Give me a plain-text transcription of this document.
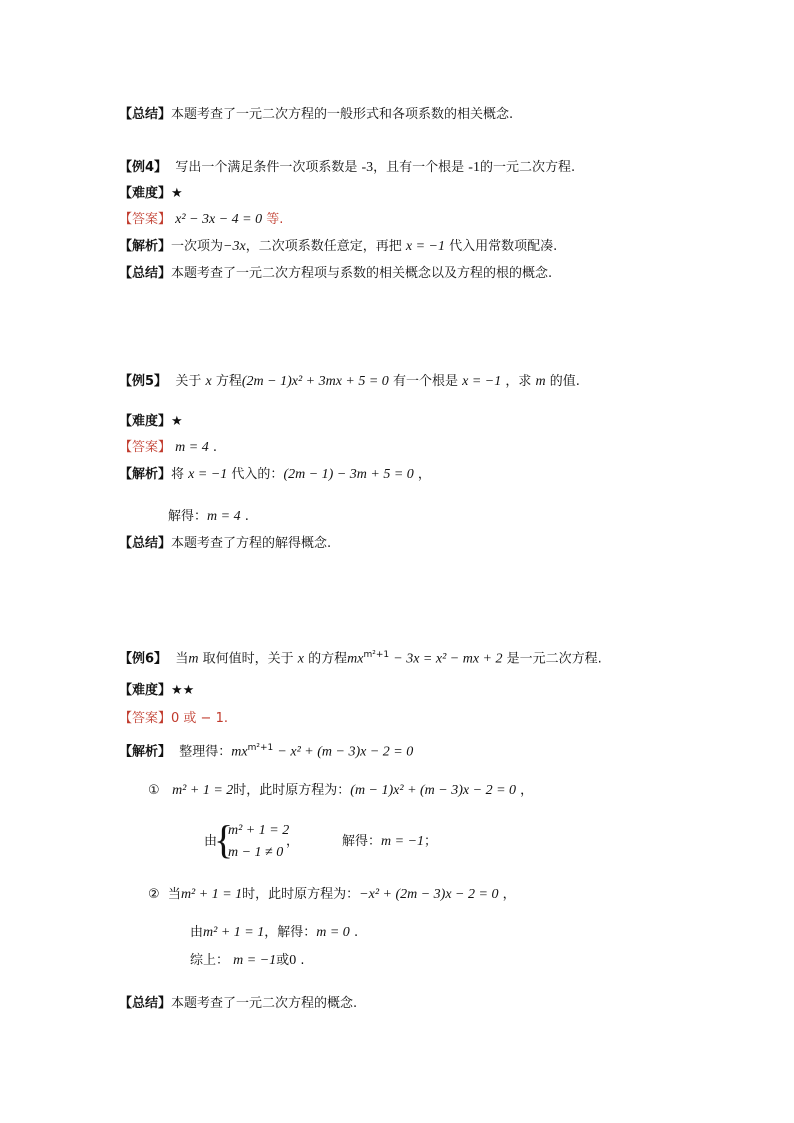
【总结】本题考查了一元二次方程的一般形式和各项系数的相关概念.
【例4】 写出一个满足条件一次项系数是 -3，且有一个根是 -1的一元二次方程.
【难度】★
【答案】 x² − 3x − 4 = 0 等.
【解析】一次项为−3x，二次项系数任意定，再把 x = −1 代入用常数项配凑.
【总结】本题考查了一元二次方程项与系数的相关概念以及方程的根的概念.
【例5】 关于 x 方程(2m − 1)x² + 3mx + 5 = 0 有一个根是 x = −1 ，求 m 的值.
【难度】★
【答案】 m = 4 .
【解析】将 x = −1 代入的：(2m − 1) − 3m + 5 = 0 ，
解得：m = 4 .
【总结】本题考查了方程的解得概念.
【例6】 当m 取何值时，关于 x 的方程$mx^{m^2+1} - 3x = x^2$ − mx + 2 是一元二次方程.
【难度】★★
【答案】0 或 − 1.
【解析】 整理得：$mx^{m^2+1} - x^2 + (m - 3)x - 2 = 0$
① m² + 1 = 2时，此时原方程为：(m − 1)x² + (m − 3)x − 2 = 0 ，
由
{
m² + 1 = 2
m − 1 ≠ 0
，	解得：m = −1；
② 当m² + 1 = 1时，此时原方程为：−x² + (2m − 3)x − 2 = 0 ，
由m² + 1 = 1，解得：m = 0 .
综上： m = −1或0 .
【总结】本题考查了一元二次方程的概念.
